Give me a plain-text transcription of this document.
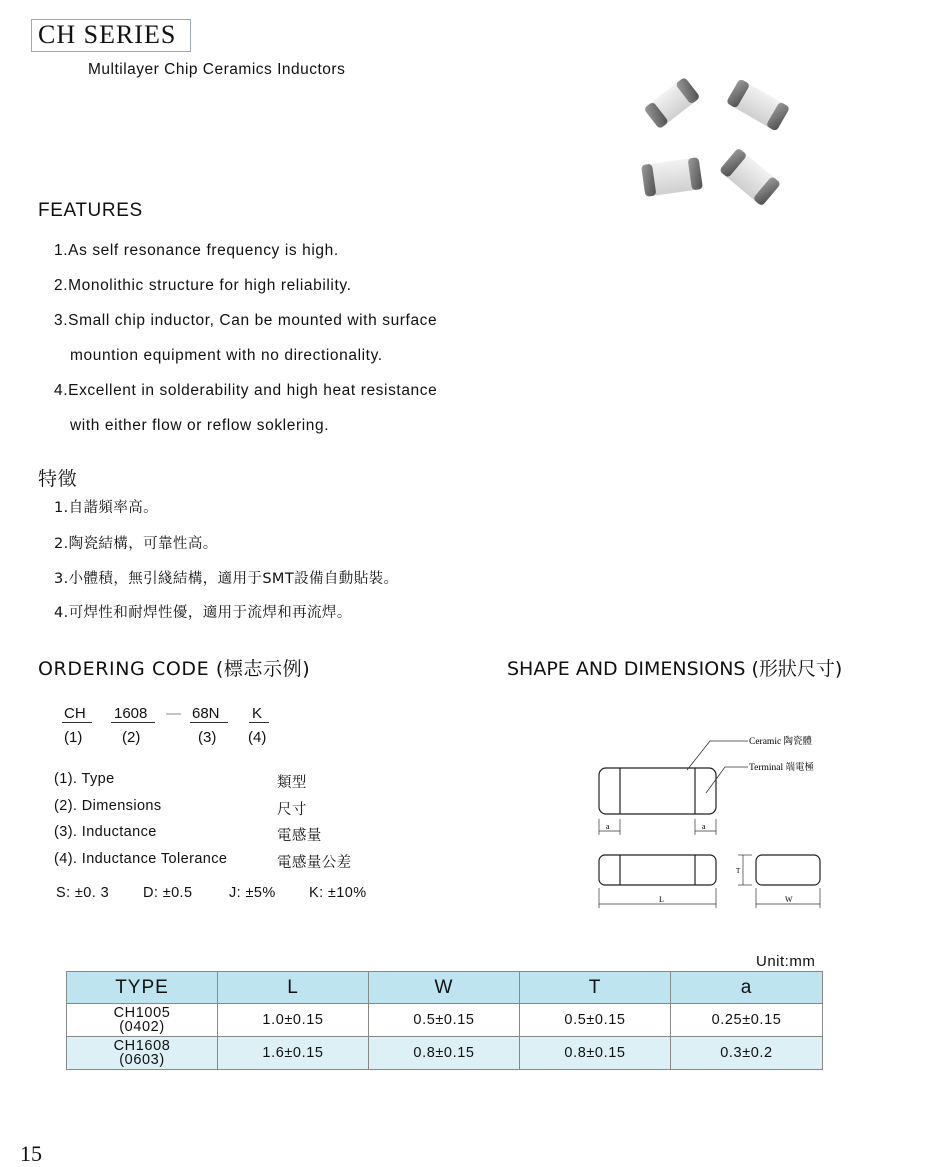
CH SERIES
Multilayer Chip Ceramics Inductors
FEATURES
1.As self resonance frequency is high.
2.Monolithic structure for high reliability.
3.Small chip inductor, Can be mounted with surface
mountion equipment with no directionality.
4.Excellent in solderability and high heat resistance
with either flow or reflow soklering.
特徵
1.自諧頻率高。
2.陶瓷結構，可靠性高。
3.小體積，無引綫結構，適用于SMT設備自動貼裝。
4.可焊性和耐焊性優，適用于流焊和再流焊。
ORDERING CODE (標志示例)
CH 1608 — 68N K
(1)	(2)	(3) (4)
(1). Type	類型
(2). Dimensions	尺寸
(3). Inductance	電感量
(4). Inductance Tolerance	電感量公差
S: ±0. 3 D: ±0.5	J: ±5% K: ±10%
SHAPE AND DIMENSIONS (形狀尺寸)
Ceramic 陶瓷體
Terminal 端電極
a	a
L
T
W
Unit:mm
TYPE	L	W	T	a

CH1005
(0402)	1.0±0.15	0.5±0.15	0.5±0.15	0.25±0.15

CH1608
(0603)	1.6±0.15	0.8±0.15	0.8±0.15	0.3±0.2
15
